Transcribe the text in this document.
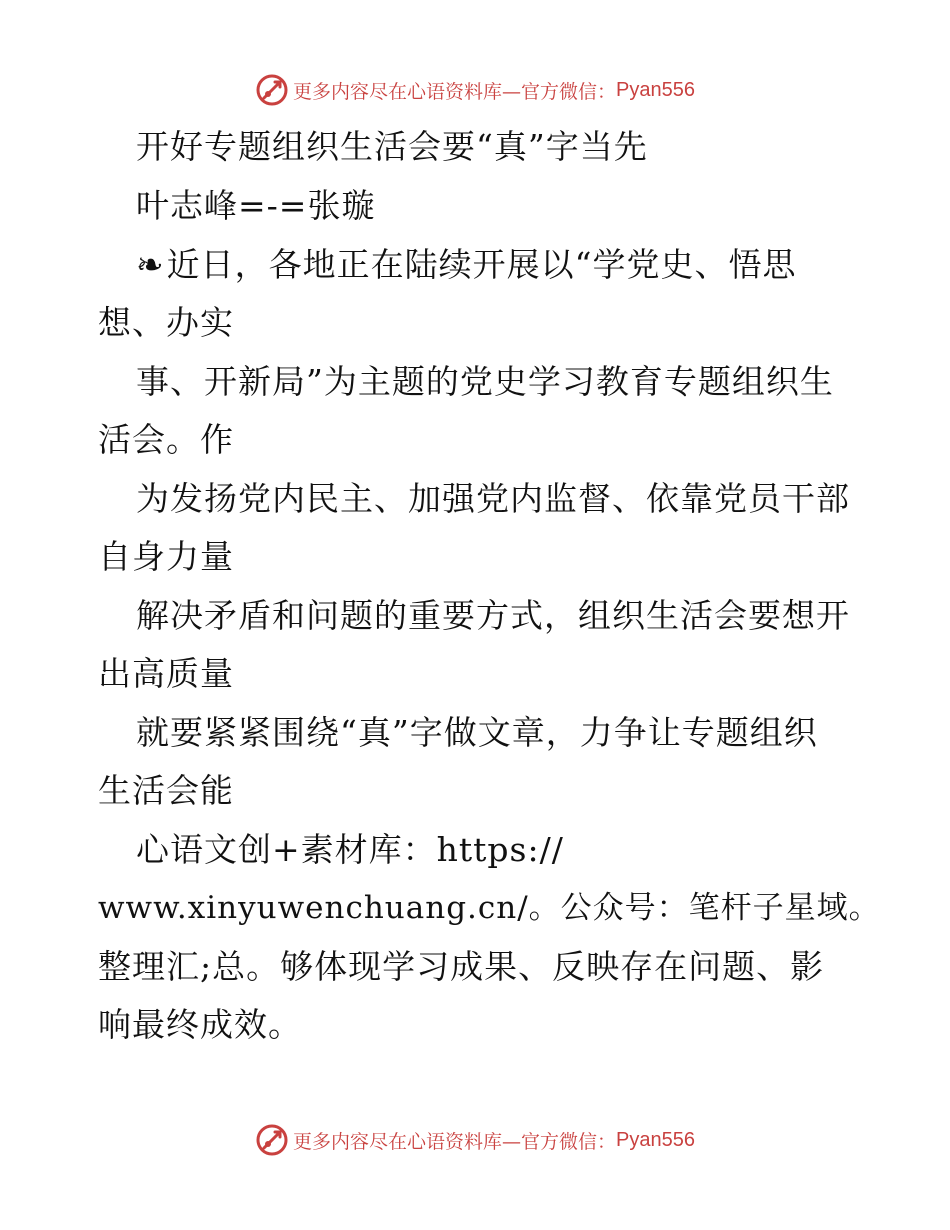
更多内容尽在心语资料库—官方微信： Pyan556
开好专题组织生活会要“真”字当先
叶志峰=-=张璇
❧近日，各地正在陆续开展以“学党史、悟思
想、办实
事、开新局”为主题的党史学习教育专题组织生
活会。作
为发扬党内民主、加强党内监督、依靠党员干部
自身力量
解决矛盾和问题的重要方式，组织生活会要想开
出高质量
就要紧紧围绕“真”字做文章，力争让专题组织
生活会能
心语文创+素材库：https://
www.xinyuwenchuang.cn/。公众号：笔杆子星域。
整理汇;总。够体现学习成果、反映存在问题、影
响最终成效。
更多内容尽在心语资料库—官方微信： Pyan556
